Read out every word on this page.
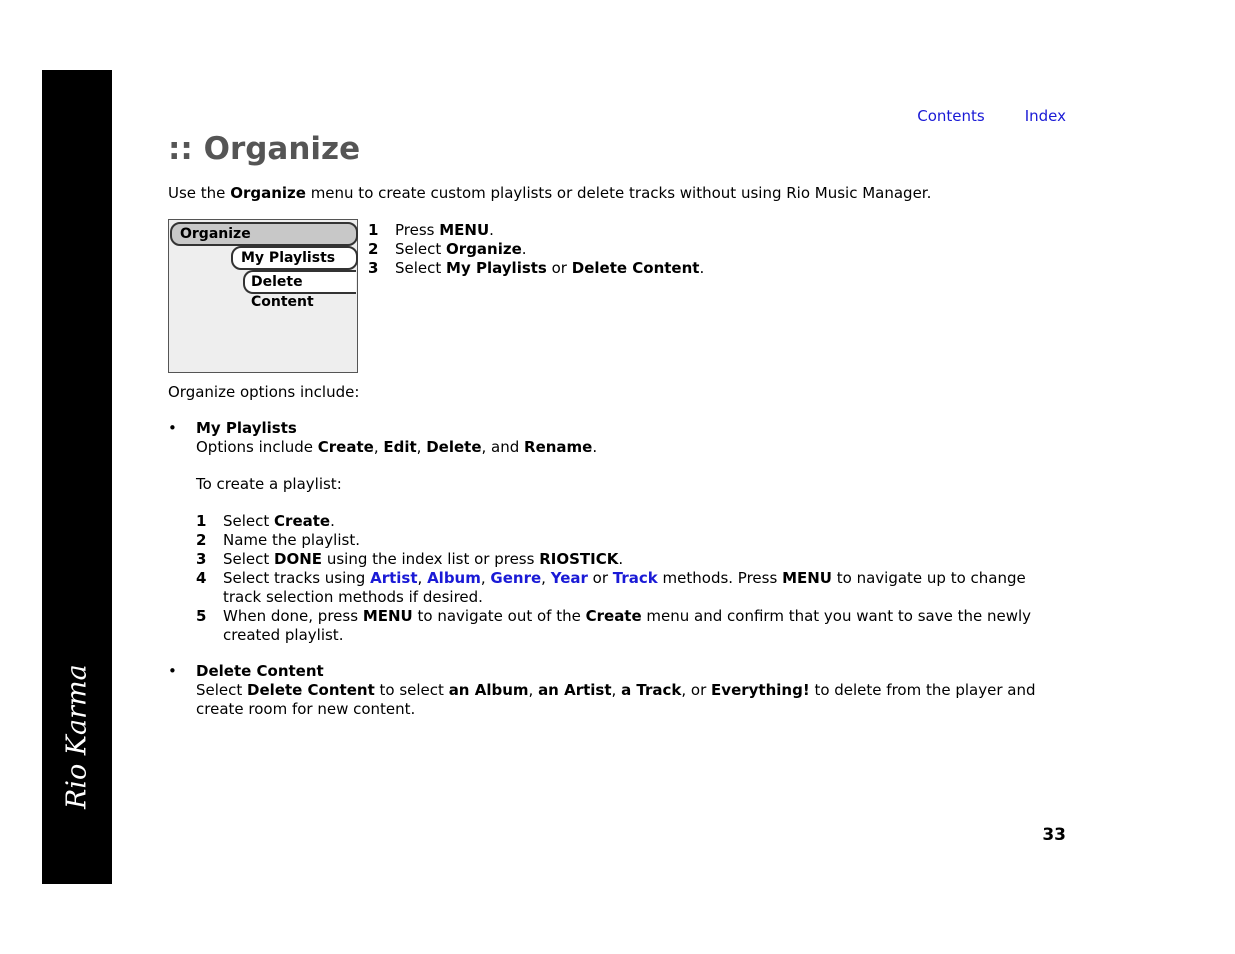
Rio Karma
Contents	Index
:: Organize

Use the Organize menu to create custom playlists or delete tracks without using Rio Music Manager.

Organize
My Playlists
Delete Content
1	Press MENU.
2	Select Organize.
3	Select My Playlists or Delete Content.

Organize options include:

• My Playlists

Options include Create, Edit, Delete, and Rename.

To create a playlist:

1	Select Create.
2	Name the playlist.
3	Select DONE using the index list or press RIOSTICK.
4	Select tracks using Artist, Album, Genre, Year or Track methods. Press MENU to navigate up to change track selection methods if desired.
5	When done, press MENU to navigate out of the Create menu and confirm that you want to save the newly created playlist.
• Delete Content

Select Delete Content to select an Album, an Artist, a Track, or Everything! to delete from the player and create room for new content.

33
